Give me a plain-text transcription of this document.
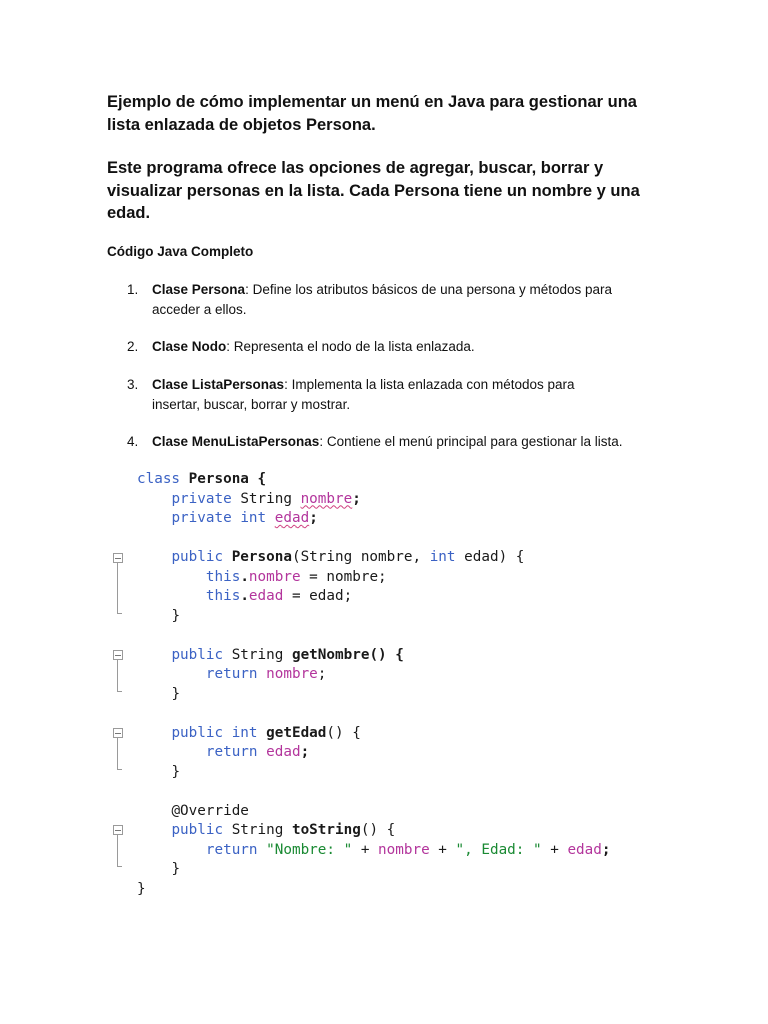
Ejemplo de cómo implementar un menú en Java para gestionar una
lista enlazada de objetos Persona.

Este programa ofrece las opciones de agregar, buscar, borrar y
visualizar personas en la lista. Cada Persona tiene un nombre y una
edad.

Código Java Completo

1. Clase Persona: Define los atributos básicos de una persona y métodos para
acceder a ellos.
2. Clase Nodo: Representa el nodo de la lista enlazada.
3. Clase ListaPersonas: Implementa la lista enlazada con métodos para
insertar, buscar, borrar y mostrar.
4. Clase MenuListaPersonas: Contiene el menú principal para gestionar la lista.
class Persona {
private String nombre;
private int edad;
public Persona(String nombre, int edad) {
this.nombre = nombre;
this.edad = edad;
}
public String getNombre() {
return nombre;
}
public int getEdad() {
return edad;
}
@Override
public String toString() {
return "Nombre: " + nombre + ", Edad: " + edad;
}
}
